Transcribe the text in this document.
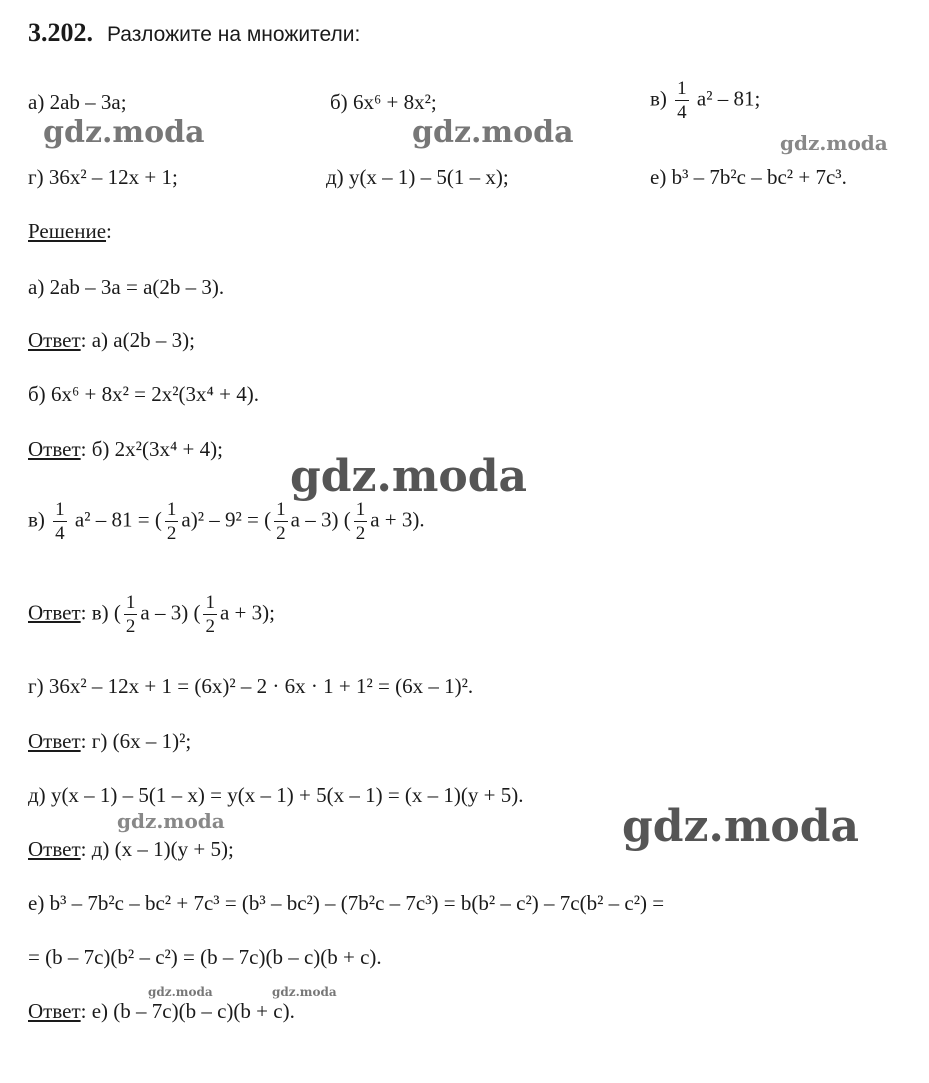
3.202. Разложите на множители:
а) 2ab – 3a;	б) 6x⁶ + 8x²;	$в) \frac{1}{4} a^2 - 81$;
г) 36x² – 12x + 1;	д) y(x – 1) – 5(1 – x);	е) b³ – 7b²c – bc² + 7c³.
Решение:
а) 2ab – 3a = a(2b – 3).
Ответ: а) a(2b – 3);
б) 6x⁶ + 8x² = 2x²(3x⁴ + 4).
Ответ: б) 2x²(3x⁴ + 4);
$в) \frac{1}{4} a^2 - 81$ = ( $\frac{1}{2} a)^2 - 9^2$ = ( $\frac{1}{2}$ a – 3) ( $\frac{1}{2}$ a + 3).
Ответ: в) ( $\frac{1}{2}$ a – 3) ( $\frac{1}{2}$ a + 3);
г) 36x² – 12x + 1 = (6x)² – 2 · 6x · 1 + 1² = (6x – 1)².
Ответ: г) (6x – 1)²;
д) y(x – 1) – 5(1 – x) = y(x – 1) + 5(x – 1) = (x – 1)(y + 5).
Ответ: д) (x – 1)(y + 5);
е) b³ – 7b²c – bc² + 7c³ = (b³ – bc²) – (7b²c – 7c³) = b(b² – c²) – 7c(b² – c²) =
= (b – 7c)(b² – c²) = (b – 7c)(b – c)(b + c).
Ответ: е) (b – 7c)(b – c)(b + c).
gdz.moda	gdz.moda	gdz.moda
gdz.moda
gdz.moda	gdz.moda
gdz.moda	gdz.moda
